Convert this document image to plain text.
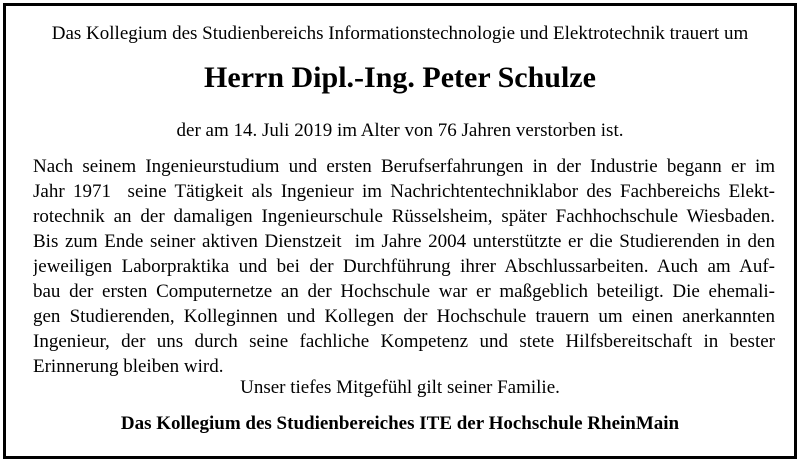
Das Kollegium des Studienbereichs Informationstechnologie und Elektrotechnik trauert um

Herrn Dipl.-Ing. Peter Schulze

der am 14. Juli 2019 im Alter von 76 Jahren verstorben ist.

Nach seinem Ingenieurstudium und ersten Berufserfahrungen in der Industrie begann er im
Jahr 1971  seine Tätigkeit als Ingenieur im Nachrichtentechniklabor des Fachbereichs Elekt-
rotechnik an der damaligen Ingenieurschule Rüsselsheim, später Fachhochschule Wiesbaden.
Bis zum Ende seiner aktiven Dienstzeit  im Jahre 2004 unterstützte er die Studierenden in den
jeweiligen Laborpraktika und bei der Durchführung ihrer Abschlussarbeiten. Auch am Auf-
bau der ersten Computernetze an der Hochschule war er maßgeblich beteiligt. Die ehemali-
gen Studierenden, Kolleginnen und Kollegen der Hochschule trauern um einen anerkannten
Ingenieur, der uns durch seine fachliche Kompetenz und stete Hilfsbereitschaft in bester
Erinnerung bleiben wird.

Unser tiefes Mitgefühl gilt seiner Familie.

Das Kollegium des Studienbereiches ITE der Hochschule RheinMain
